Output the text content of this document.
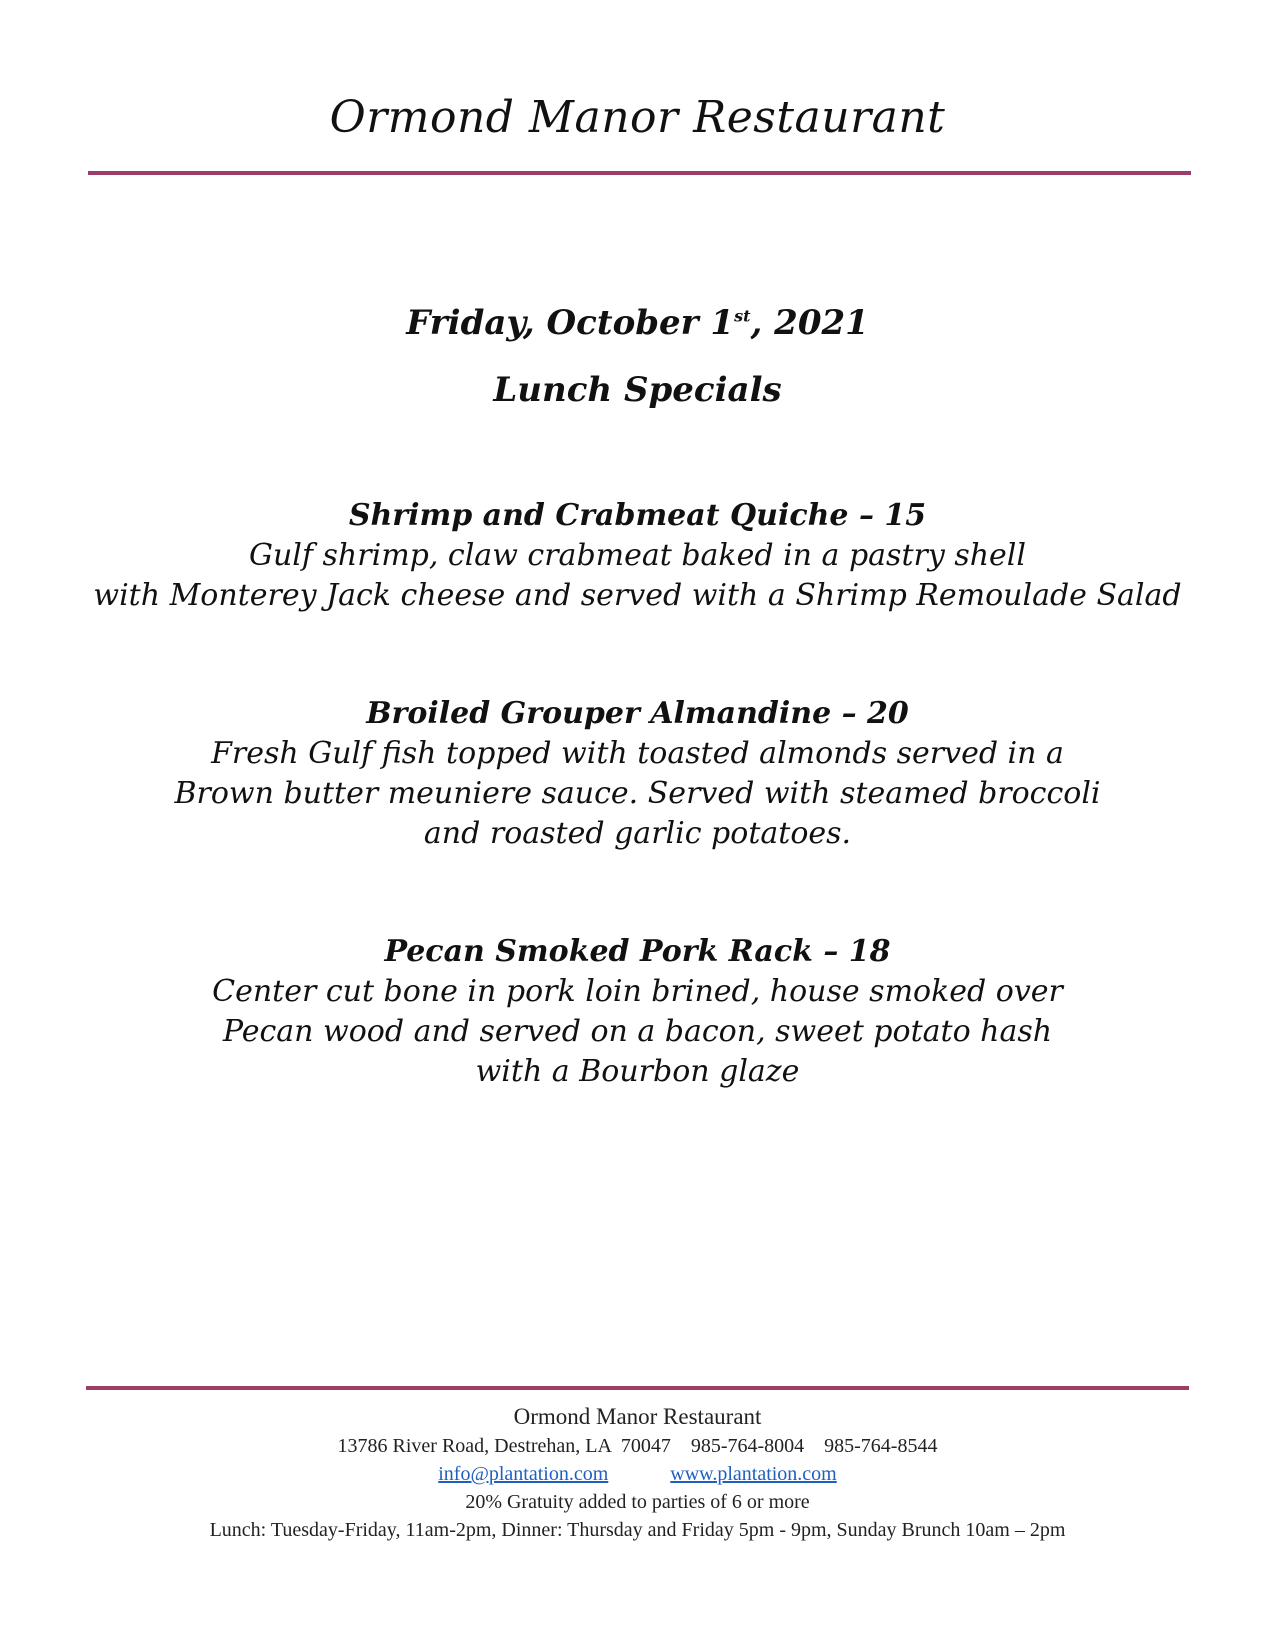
Ormond Manor Restaurant
Friday, October 1st, 2021
Lunch Specials

Shrimp and Crabmeat Quiche – 15

Gulf shrimp, claw crabmeat baked in a pastry shell

with Monterey Jack cheese and served with a Shrimp Remoulade Salad

Broiled Grouper Almandine – 20

Fresh Gulf fish topped with toasted almonds served in a

Brown butter meuniere sauce. Served with steamed broccoli

and roasted garlic potatoes.

Pecan Smoked Pork Rack – 18

Center cut bone in pork loin brined, house smoked over

Pecan wood and served on a bacon, sweet potato hash

with a Bourbon glaze

Ormond Manor Restaurant
13786 River Road, Destrehan, LA  70047    985-764-8004    985-764-8544
info@plantation.com	www.plantation.com
20% Gratuity added to parties of 6 or more
Lunch: Tuesday-Friday, 11am-2pm, Dinner: Thursday and Friday 5pm - 9pm, Sunday Brunch 10am – 2pm
